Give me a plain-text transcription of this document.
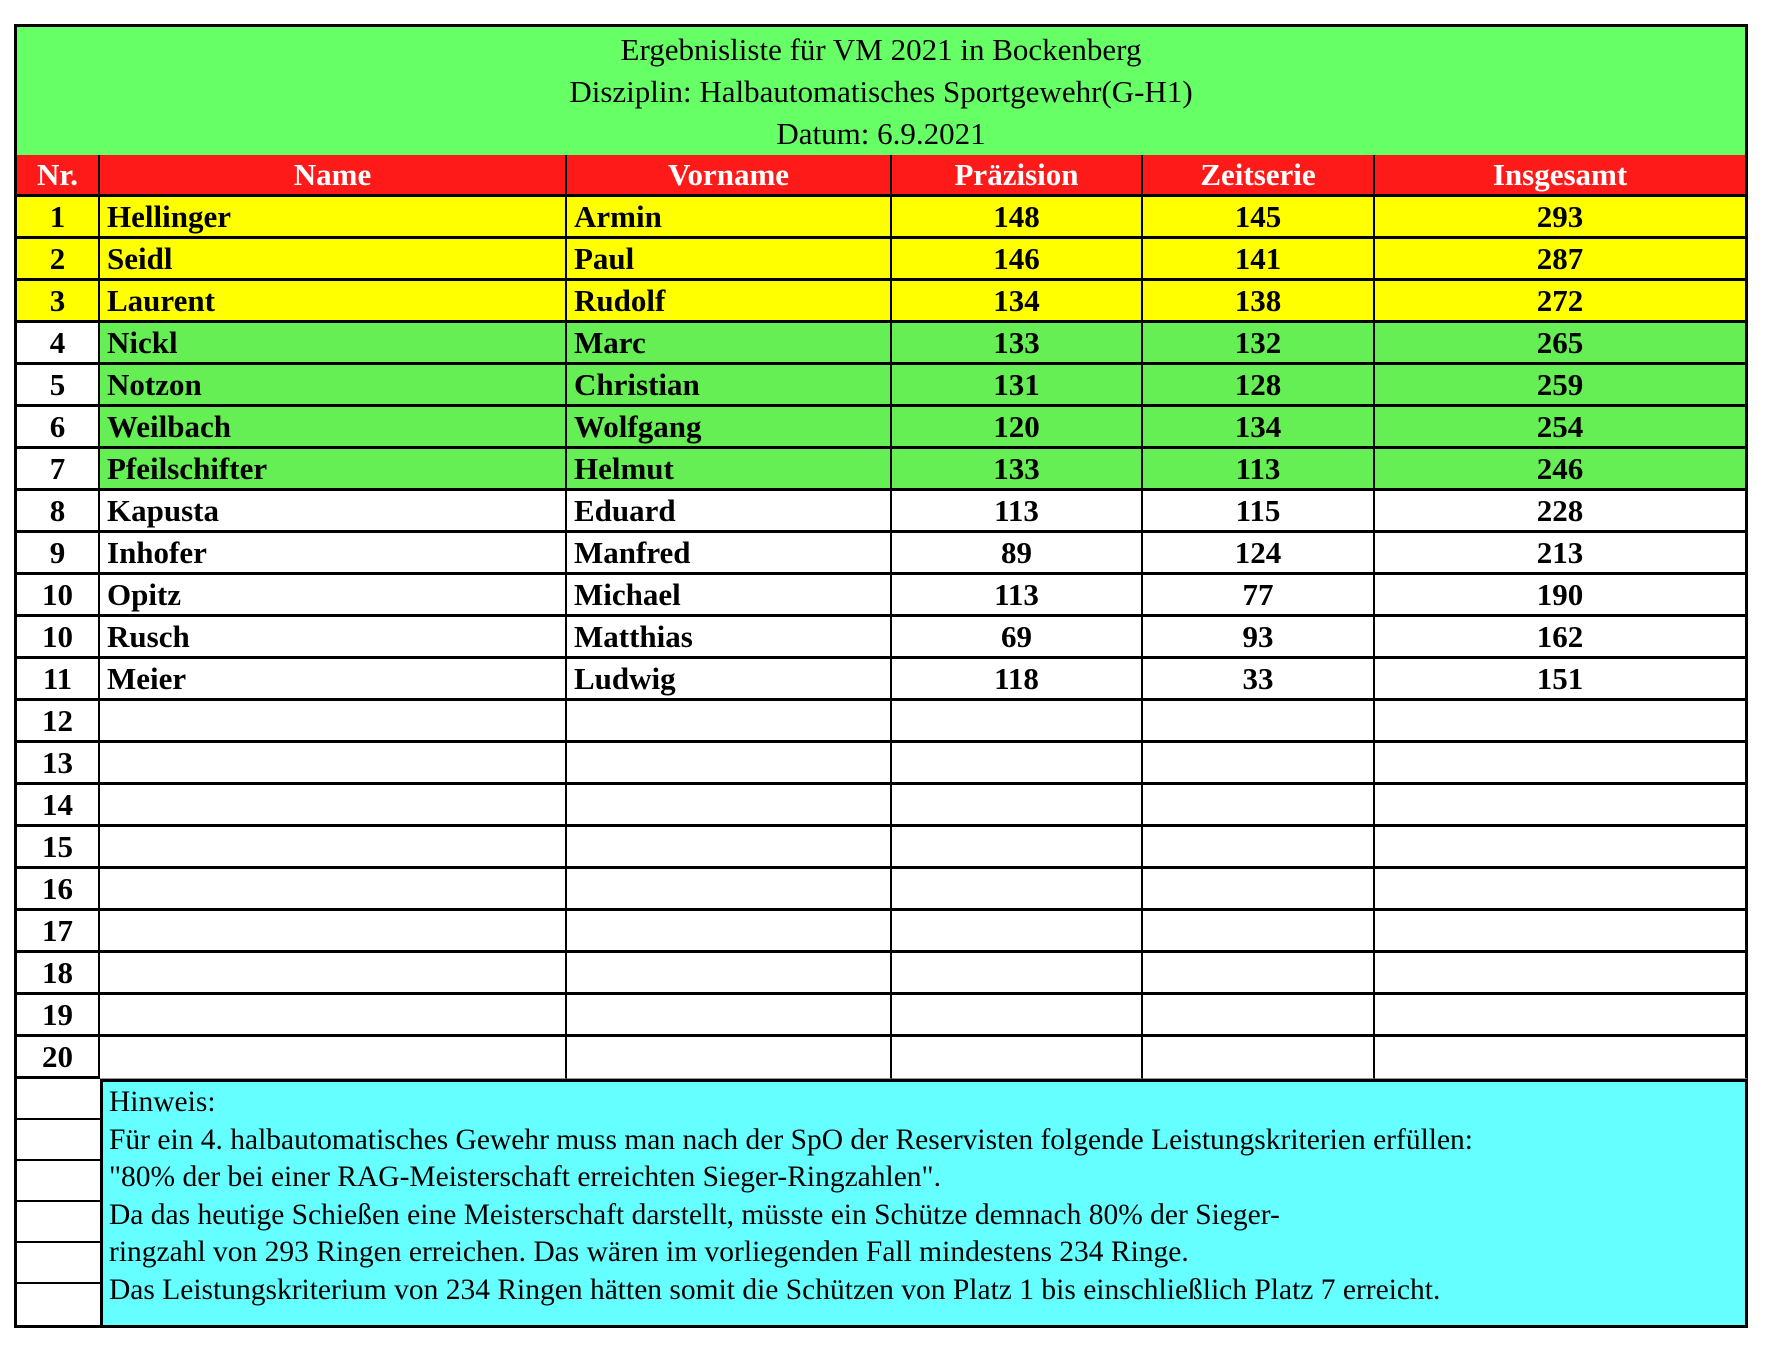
Ergebnisliste für VM 2021 in Bockenberg
Disziplin: Halbautomatisches Sportgewehr(G-H1)
Datum: 6.9.2021
Nr.	Name	Vorname	Präzision	Zeitserie	Insgesamt
1	Hellinger	Armin	148	145	293
2	Seidl	Paul	146	141	287
3	Laurent	Rudolf	134	138	272
4	Nickl	Marc	133	132	265
5	Notzon	Christian	131	128	259
6	Weilbach	Wolfgang	120	134	254
7	Pfeilschifter	Helmut	133	113	246
8	Kapusta	Eduard	113	115	228
9	Inhofer	Manfred	89	124	213
10	Opitz	Michael	113	77	190
10	Rusch	Matthias	69	93	162
11	Meier	Ludwig	118	33	151
12
13
14
15
16
17
18
19
20
Hinweis:
Für ein 4. halbautomatisches Gewehr muss man nach der SpO der Reservisten folgende Leistungskriterien erfüllen:
"80% der bei einer RAG-Meisterschaft erreichten Sieger-Ringzahlen".
Da das heutige Schießen eine Meisterschaft darstellt, müsste ein Schütze demnach 80% der Sieger-
ringzahl von 293 Ringen erreichen. Das wären im vorliegenden Fall mindestens 234 Ringe.
Das Leistungskriterium von 234 Ringen hätten somit die Schützen von Platz 1 bis einschließlich Platz 7 erreicht.
